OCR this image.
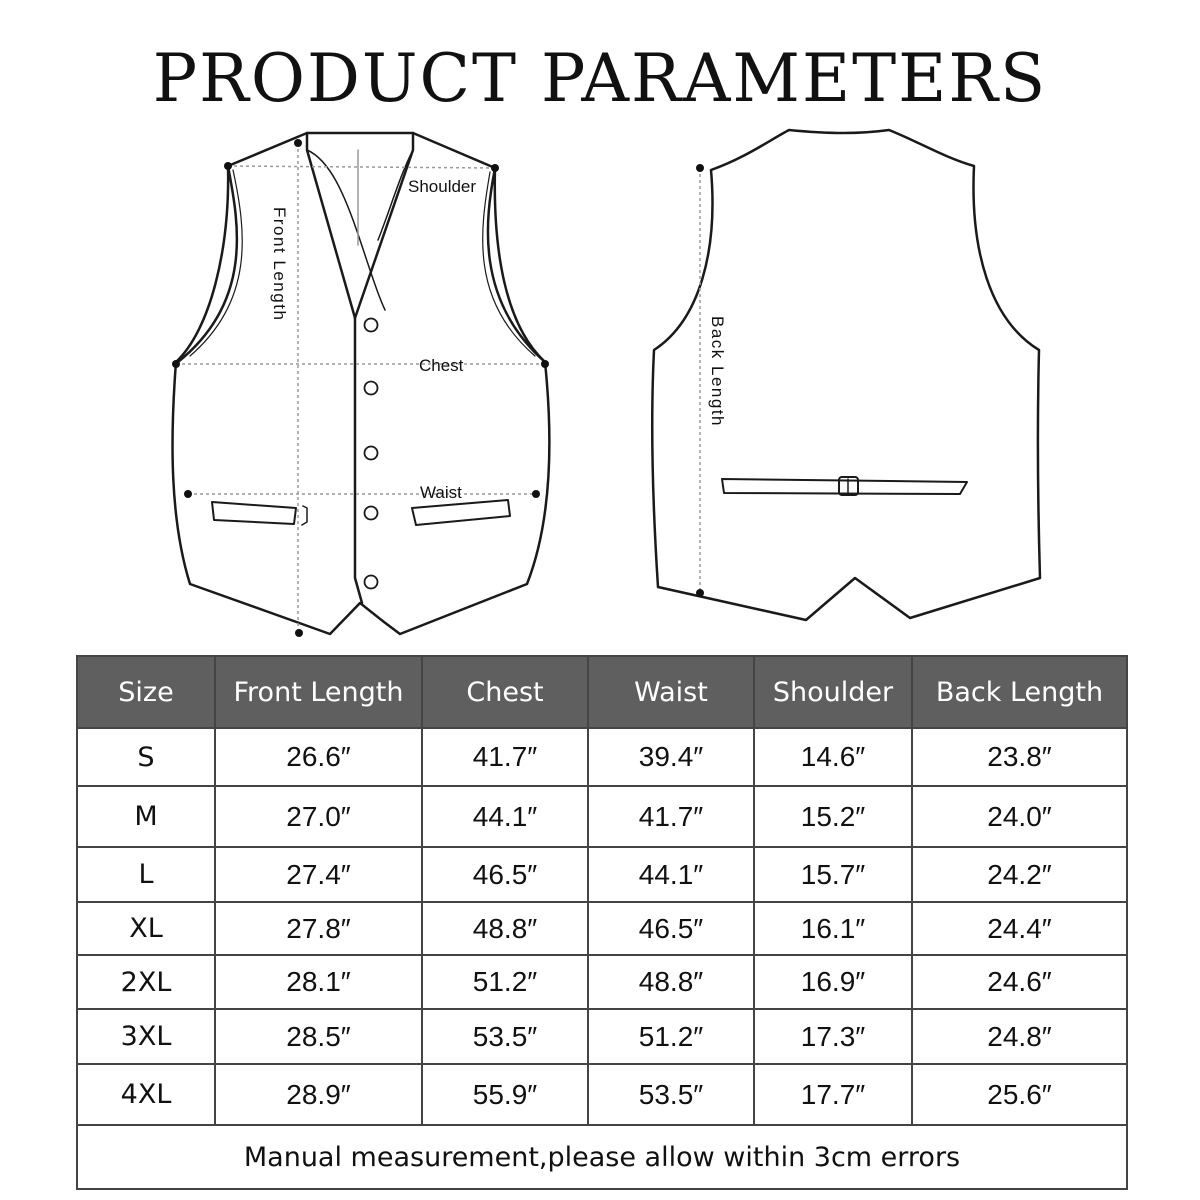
PRODUCT PARAMETERS
Shoulder
Chest
Waist
Front Length
Back Length
Size	Front Length	Chest	Waist	Shoulder	Back Length
S	26.6″	41.7″	39.4″	14.6″	23.8″
M	27.0″	44.1″	41.7″	15.2″	24.0″
L	27.4″	46.5″	44.1″	15.7″	24.2″
XL	27.8″	48.8″	46.5″	16.1″	24.4″
2XL	28.1″	51.2″	48.8″	16.9″	24.6″
3XL	28.5″	53.5″	51.2″	17.3″	24.8″
4XL	28.9″	55.9″	53.5″	17.7″	25.6″
Manual measurement,please allow within 3cm errors					
